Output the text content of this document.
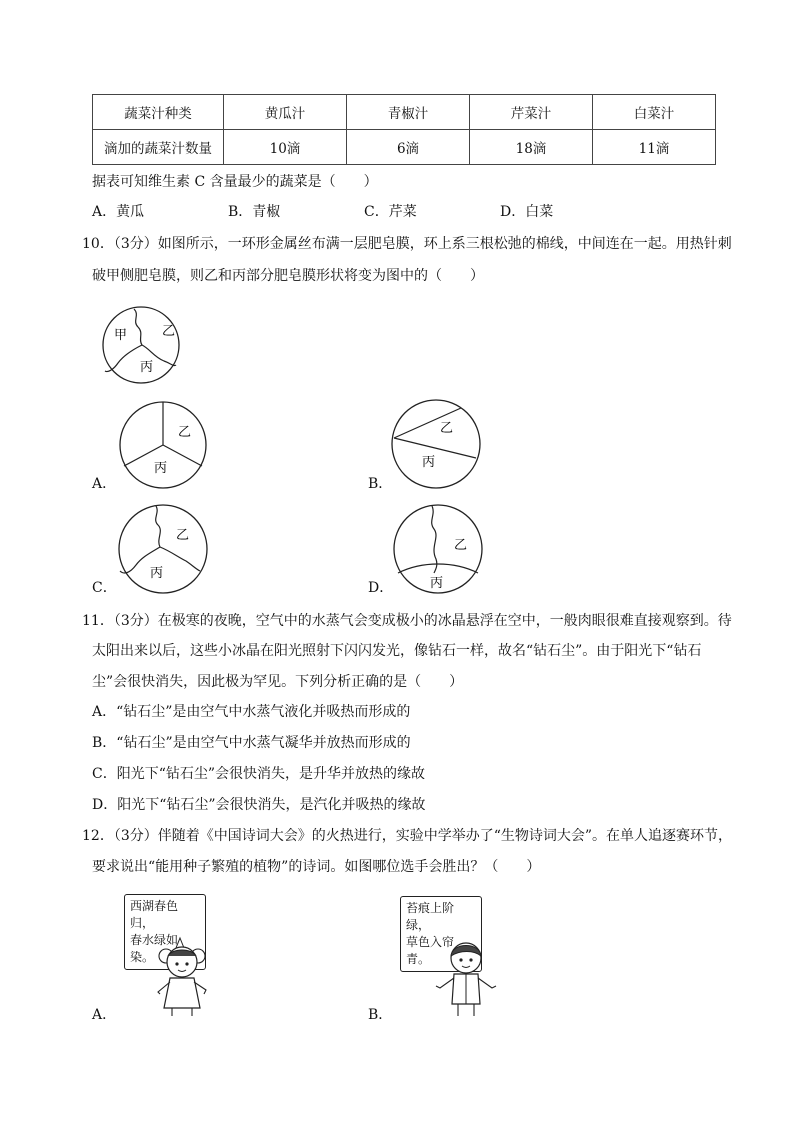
蔬菜汁种类	黄瓜汁	青椒汁	芹菜汁	白菜汁
滴加的蔬菜汁数量	10滴	6滴	18滴	11滴
据表可知维生素 C 含量最少的蔬菜是（　　）
A．黄瓜	B．青椒	C．芹菜	D．白菜
10．（3分）如图所示，一环形金属丝布满一层肥皂膜，环上系三根松弛的棉线，中间连在一起。用热针刺
破甲侧肥皂膜，则乙和丙部分肥皂膜形状将变为图中的（　　）
甲	乙
丙
A．
乙
丙
B．
乙
丙
C．
乙
丙
D．
乙
丙
11．（3分）在极寒的夜晚，空气中的水蒸气会变成极小的冰晶悬浮在空中，一般肉眼很难直接观察到。待
太阳出来以后，这些小冰晶在阳光照射下闪闪发光，像钻石一样，故名“钻石尘”。由于阳光下“钻石
尘”会很快消失，因此极为罕见。下列分析正确的是（　　）
A．“钻石尘”是由空气中水蒸气液化并吸热而形成的
B．“钻石尘”是由空气中水蒸气凝华并放热而形成的
C．阳光下“钻石尘”会很快消失，是升华并放热的缘故
D．阳光下“钻石尘”会很快消失，是汽化并吸热的缘故
12．（3分）伴随着《中国诗词大会》的火热进行，实验中学举办了“生物诗词大会”。在单人追逐赛环节，
要求说出“能用种子繁殖的植物”的诗词。如图哪位选手会胜出？（　　）
西湖春色归，
春水绿如染。
A．
苔痕上阶绿，
草色入帘青。
B．
